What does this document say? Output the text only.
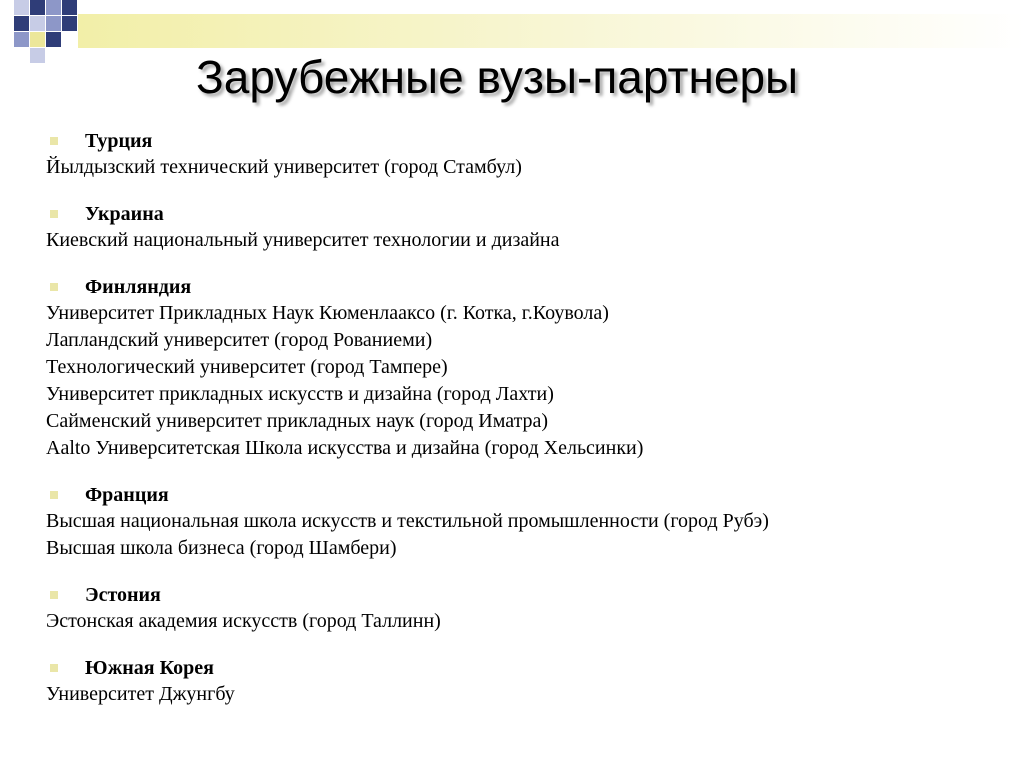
Зарубежные вузы-партнеры
Турция
Йылдызский технический университет (город Стамбул)
Украина
Киевский национальный университет технологии и дизайна
Финляндия
Университет Прикладных Наук Кюменлааксо (г. Котка, г.Коувола)
Лапландский университет (город Рованиеми)
Технологический университет (город Тампере)
Университет прикладных искусств и дизайна (город Лахти)
Сайменский университет прикладных наук (город Иматра)
Aalto Университетская Школа искусства и дизайна (город Хельсинки)
Франция
Высшая национальная школа искусств и текстильной промышленности (город Рубэ)
Высшая школа бизнеса (город Шамбери)
Эстония
Эстонская академия искусств (город Таллинн)
Южная Корея
Университет Джунгбу
